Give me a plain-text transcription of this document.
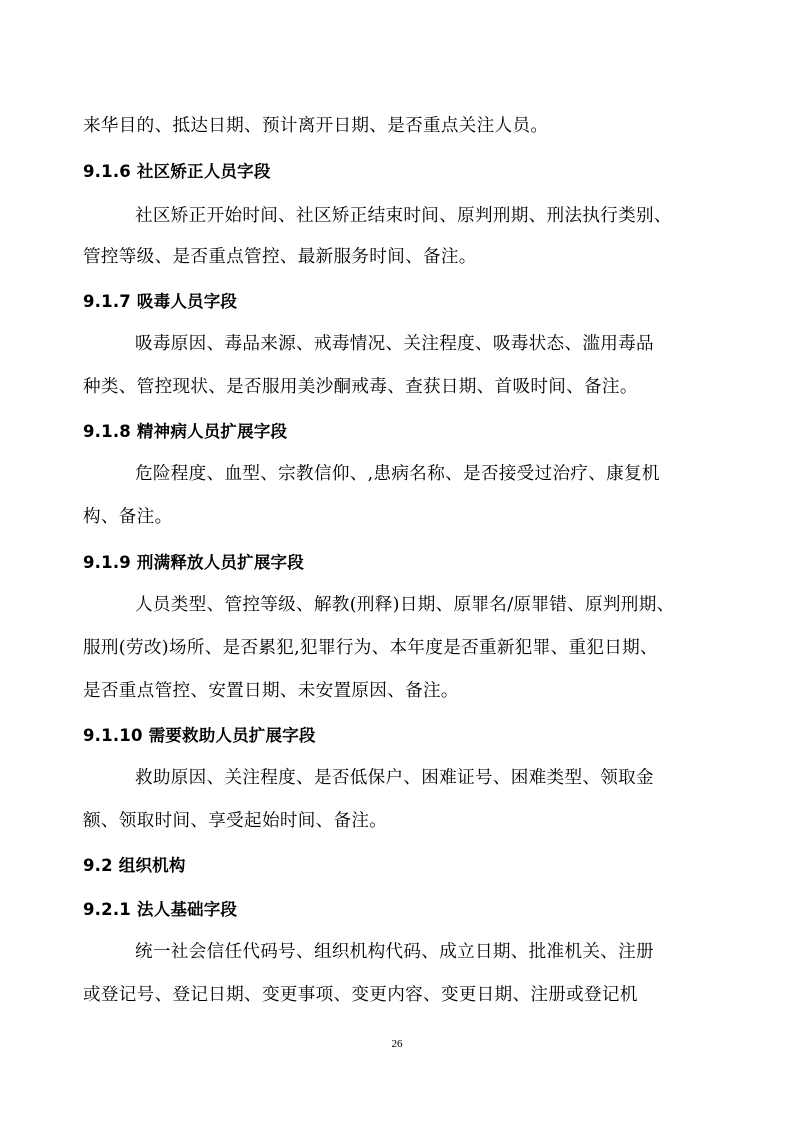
来华目的、抵达日期、预计离开日期、是否重点关注人员。

9.1.6 社区矫正人员字段

社区矫正开始时间、社区矫正结束时间、原判刑期、刑法执行类别、

管控等级、是否重点管控、最新服务时间、备注。

9.1.7 吸毒人员字段

吸毒原因、毒品来源、戒毒情况、关注程度、吸毒状态、滥用毒品

种类、管控现状、是否服用美沙酮戒毒、查获日期、首吸时间、备注。

9.1.8 精神病人员扩展字段

危险程度、血型、宗教信仰、,患病名称、是否接受过治疗、康复机

构、备注。

9.1.9 刑满释放人员扩展字段

人员类型、管控等级、解教(刑释)日期、原罪名/原罪错、原判刑期、

服刑(劳改)场所、是否累犯,犯罪行为、本年度是否重新犯罪、重犯日期、

是否重点管控、安置日期、未安置原因、备注。

9.1.10 需要救助人员扩展字段

救助原因、关注程度、是否低保户、困难证号、困难类型、领取金

额、领取时间、享受起始时间、备注。

9.2 组织机构

9.2.1 法人基础字段

统一社会信任代码号、组织机构代码、成立日期、批准机关、注册

或登记号、登记日期、变更事项、变更内容、变更日期、注册或登记机

26
